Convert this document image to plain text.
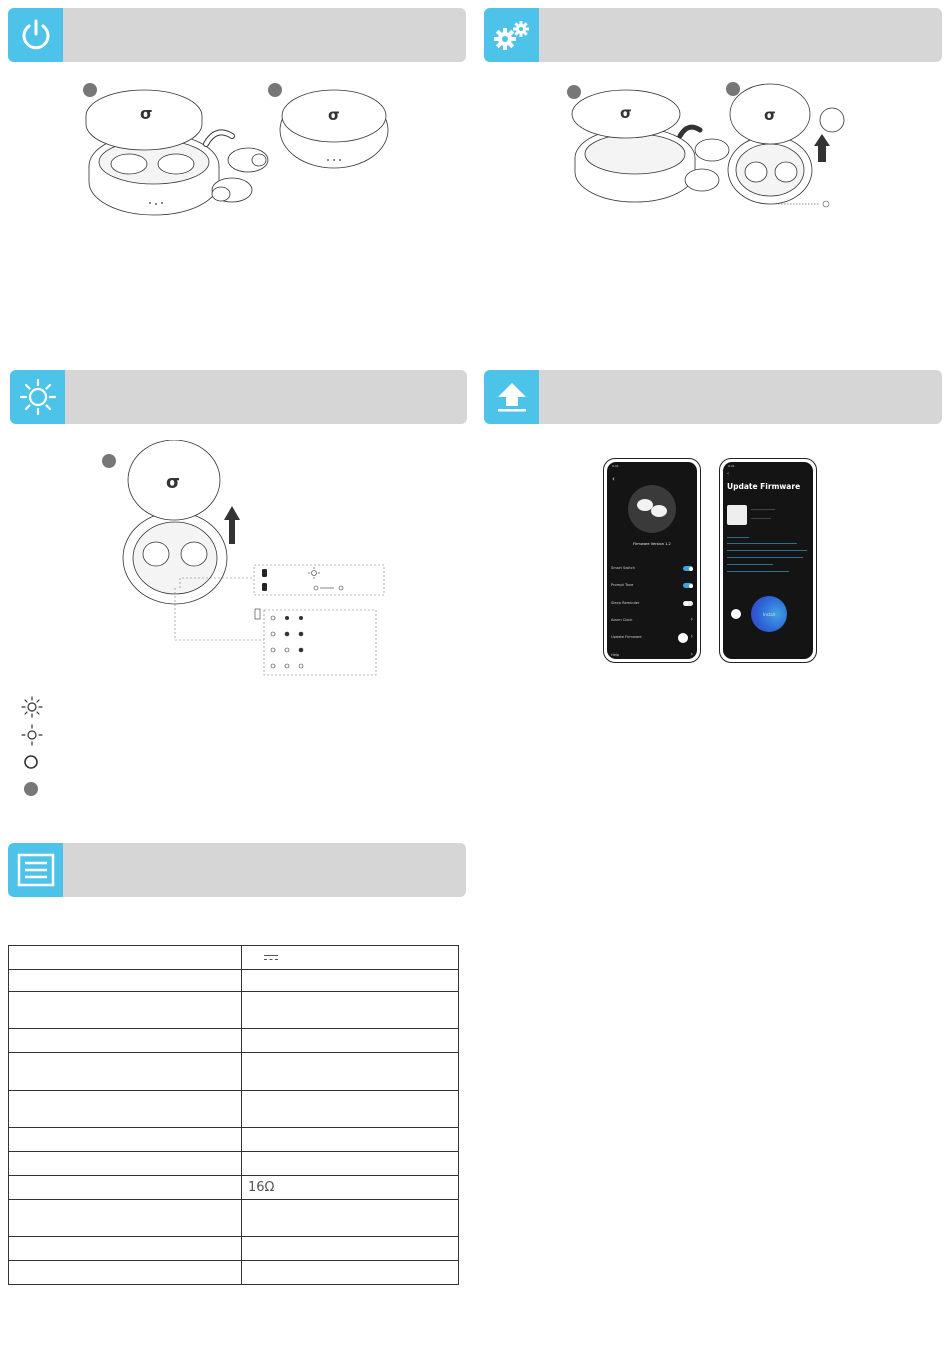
σ	σ	σ	σ
σ
9:41
‹
Firmware Version 1.2
Smart Switch
Prompt Tone
Sleep Reminder
Alarm Clock	›
Update Firmware	›
Help	›
9:41
‹
Update Firmware
Install

	16Ω
